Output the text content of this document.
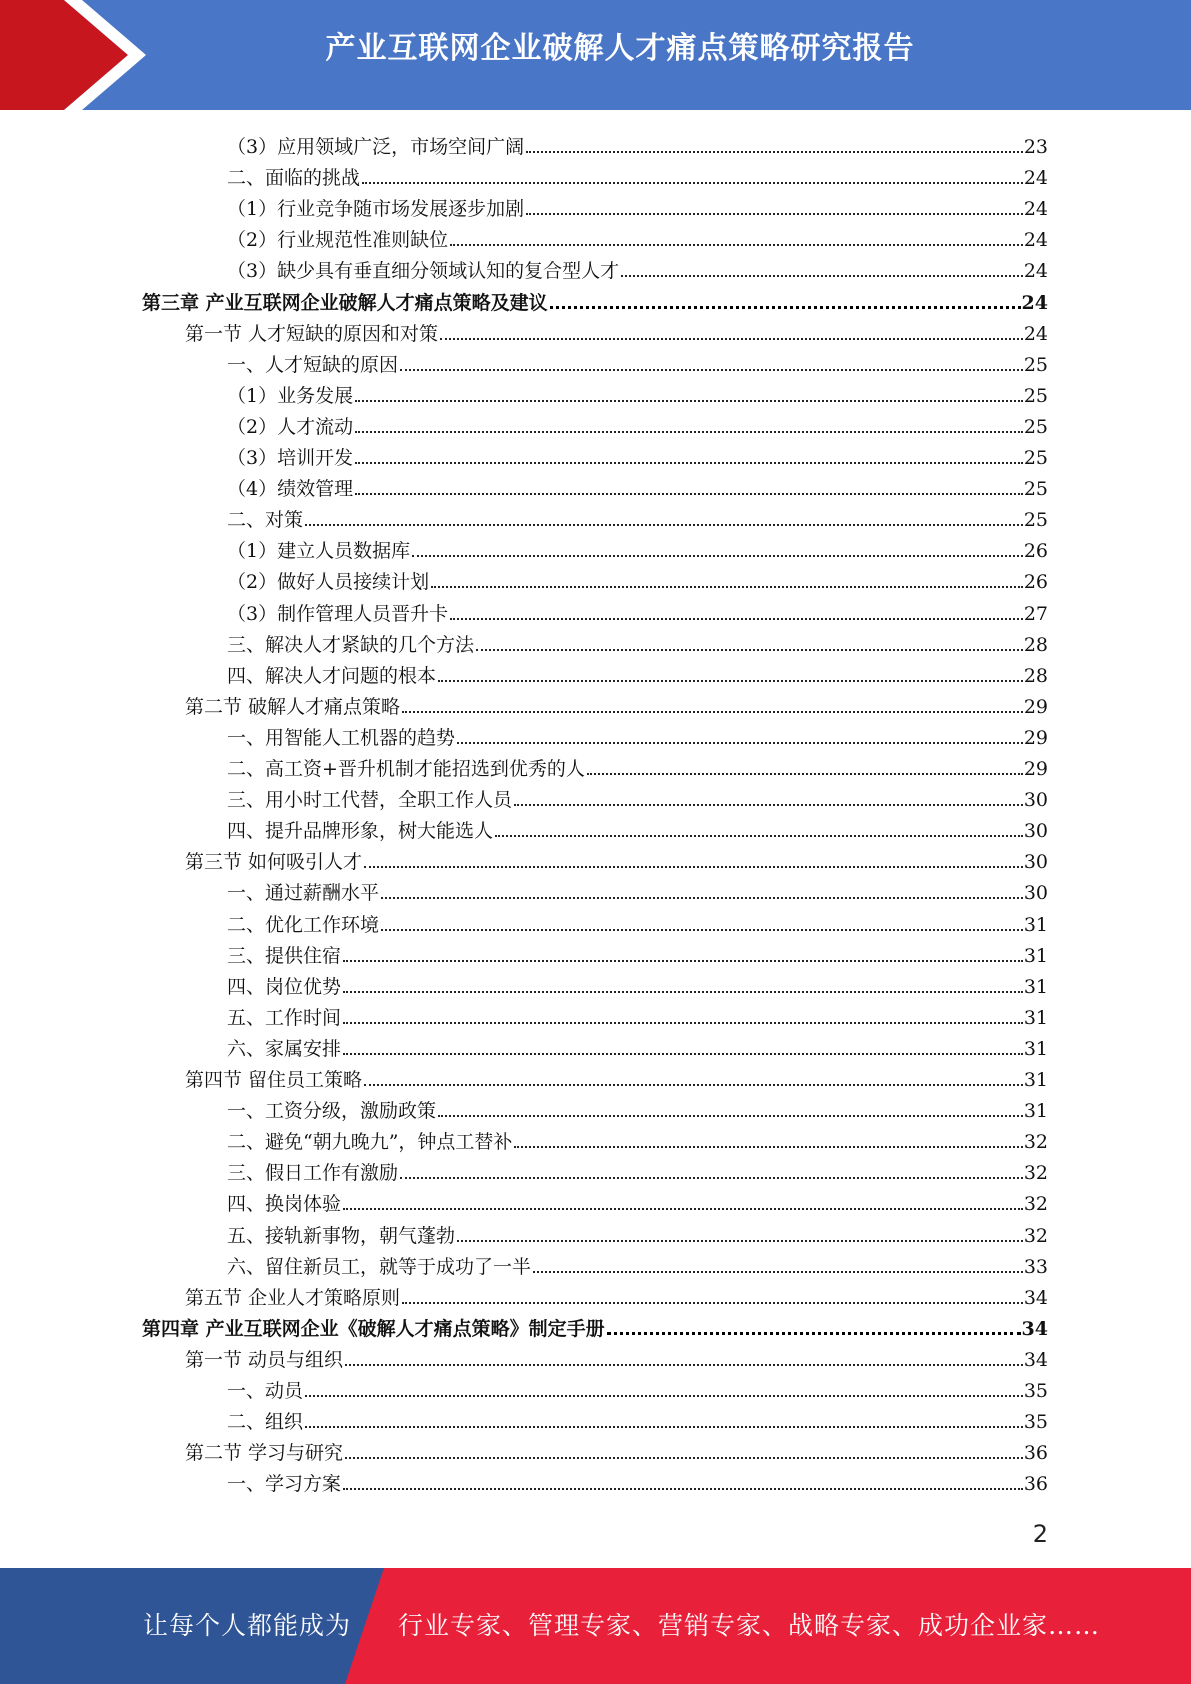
产业互联网企业破解人才痛点策略研究报告
（3）应用领域广泛，市场空间广阔	23
二、面临的挑战	24
（1）行业竞争随市场发展逐步加剧	24
（2）行业规范性准则缺位	24
（3）缺少具有垂直细分领域认知的复合型人才	24
第三章 产业互联网企业破解人才痛点策略及建议	24
第一节 人才短缺的原因和对策	24
一、人才短缺的原因	25
（1）业务发展	25
（2）人才流动	25
（3）培训开发	25
（4）绩效管理	25
二、对策	25
（1）建立人员数据库	26
（2）做好人员接续计划	26
（3）制作管理人员晋升卡	27
三、解决人才紧缺的几个方法	28
四、解决人才问题的根本	28
第二节 破解人才痛点策略	29
一、用智能人工机器的趋势	29
二、高工资+晋升机制才能招选到优秀的人	29
三、用小时工代替，全职工作人员	30
四、提升品牌形象，树大能选人	30
第三节 如何吸引人才	30
一、通过薪酬水平	30
二、优化工作环境	31
三、提供住宿	31
四、岗位优势	31
五、工作时间	31
六、家属安排	31
第四节 留住员工策略	31
一、工资分级，激励政策	31
二、避免“朝九晚九”，钟点工替补	32
三、假日工作有激励	32
四、换岗体验	32
五、接轨新事物，朝气蓬勃	32
六、留住新员工，就等于成功了一半	33
第五节 企业人才策略原则	34
第四章 产业互联网企业《破解人才痛点策略》制定手册	34
第一节 动员与组织	34
一、动员	35
二、组织	35
第二节 学习与研究	36
一、学习方案	36
2
让每个人都能成为 行业专家、管理专家、营销专家、战略专家、成功企业家……
